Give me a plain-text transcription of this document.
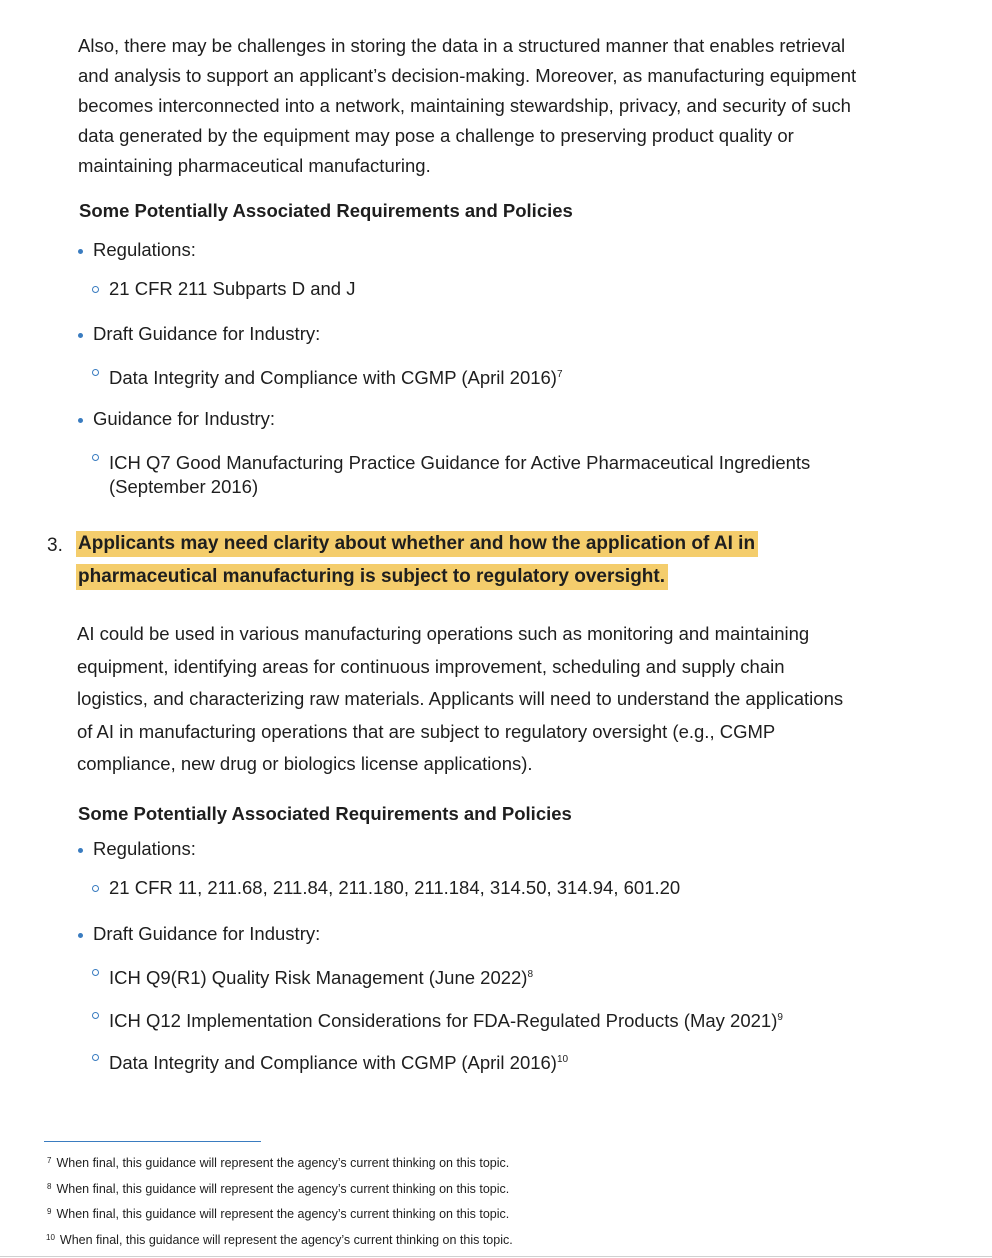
Also, there may be challenges in storing the data in a structured manner that enables retrieval
and analysis to support an applicant’s decision-making. Moreover, as manufacturing equipment
becomes interconnected into a network, maintaining stewardship, privacy, and security of such
data generated by the equipment may pose a challenge to preserving product quality or
maintaining pharmaceutical manufacturing.
Some Potentially Associated Requirements and Policies
Regulations:
21 CFR 211 Subparts D and J
Draft Guidance for Industry:
Data Integrity and Compliance with CGMP (April 2016)$^7$
Guidance for Industry:
ICH Q7 Good Manufacturing Practice Guidance for Active Pharmaceutical Ingredients
(September 2016)
3. Applicants may need clarity about whether and how the application of AI in
pharmaceutical manufacturing is subject to regulatory oversight.
AI could be used in various manufacturing operations such as monitoring and maintaining
equipment, identifying areas for continuous improvement, scheduling and supply chain
logistics, and characterizing raw materials. Applicants will need to understand the applications
of AI in manufacturing operations that are subject to regulatory oversight (e.g., CGMP
compliance, new drug or biologics license applications).
Some Potentially Associated Requirements and Policies
Regulations:
21 CFR 11, 211.68, 211.84, 211.180, 211.184, 314.50, 314.94, 601.20
Draft Guidance for Industry:
ICH Q9(R1) Quality Risk Management (June 2022)$^8$
ICH Q12 Implementation Considerations for FDA-Regulated Products (May 2021)$^9$
Data Integrity and Compliance with CGMP (April 2016)$^{10}$
$^7$ When final, this guidance will represent the agency’s current thinking on this topic.
$^8$ When final, this guidance will represent the agency’s current thinking on this topic.
$^9$ When final, this guidance will represent the agency’s current thinking on this topic.
$^{10}$ When final, this guidance will represent the agency’s current thinking on this topic.
